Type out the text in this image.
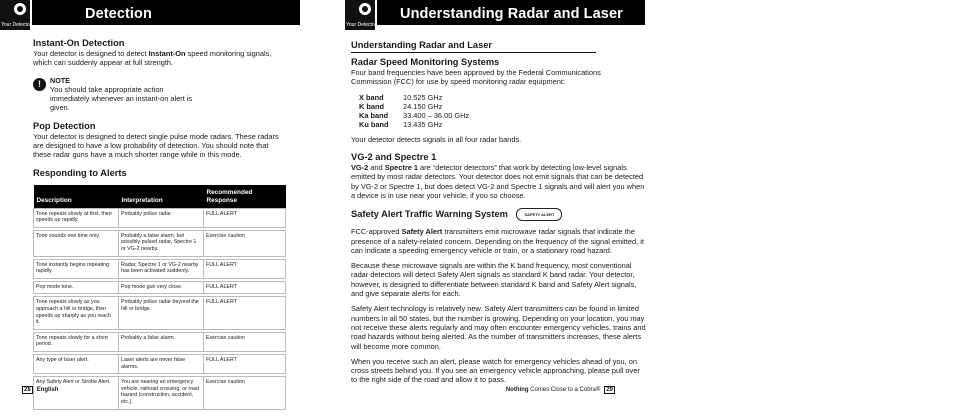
Your Detector
Detection
Instant-On Detection

Your detector is designed to detect Instant-On speed monitoring signals, which can suddenly appear at full strength.

!	NOTE

You should take appropriate action immediately whenever an instant-on alert is given.

Pop Detection

Your detector is designed to detect single pulse mode radars. These radars are designed to have a low probability of detection. You should note that these radar guns have a much shorter range while in this mode.

Responding to Alerts
Description	Interpretation	Recommended Response
Tone repeats slowly at first, then speeds up rapidly.	Probably police radar.	FULL ALERT

Tone sounds one time only.	Probably a false alarm, but possibly pulsed radar, Spectre 1 or VG-2 nearby.	Exercise caution

Tone instantly begins repeating rapidly.	Radar, Spectre 1 or VG-2 nearby has been activated suddenly.	FULL ALERT

Pop mode tone.	Pop mode gun very close.	FULL ALERT

Tone repeats slowly as you approach a hill or bridge, then speeds up sharply as you reach it.	Probably police radar beyond the hill or bridge.	FULL ALERT

Tone repeats slowly for a short period.	Probably a false alarm.	Exercise caution

Any type of laser alert.	Laser alerts are never false alarms.	FULL ALERT

Any Safety Alert or Strobe Alert.	You are nearing an emergency vehicle, railroad crossing, or road hazard (construction, accident, etc.).	Exercise caution
28	English
Your Detector
Understanding Radar and Laser
Understanding Radar and Laser
Radar Speed Monitoring Systems

Four band frequencies have been approved by the Federal Communications Commission (FCC) for use by speed monitoring radar equipment:

X band	10.525 GHz
K band	24.150 GHz
Ka band	33.400 – 36.00 GHz
Ku band	13.435 GHz

Your detector detects signals in all four radar bands.

VG-2 and Spectre 1

VG-2 and Spectre 1 are “detector detectors” that work by detecting low-level signals emitted by most radar detectors. Your detector does not emit signals that can be detected by VG-2 or Spectre 1, but does detect VG-2 and Spectre 1 signals and will alert you when a device is in use near your vehicle, if you so choose.

Safety Alert Traffic Warning System	SAFETY ALERT

FCC-approved Safety Alert transmitters emit microwave radar signals that indicate the presence of a safety-related concern. Depending on the frequency of the signal emitted, it can indicate a speeding emergency vehicle or train, or a stationary road hazard.

Because these microwave signals are within the K band frequency, most conventional radar detectors will detect Safety Alert signals as standard K band radar. Your detector, however, is designed to differentiate between standard K band and Safety Alert signals, and give separate alerts for each.

Safety Alert technology is relatively new. Safety Alert transmitters can be found in limited numbers in all 50 states, but the number is growing. Depending on your location, you may not receive these alerts regularly and may often encounter emergency vehicles, trains and road hazards without being alerted. As the number of transmitters increases, these alerts will become more common.

When you receive such an alert, please watch for emergency vehicles ahead of you, on cross streets behind you. If you see an emergency vehicle approaching, please pull over to the right side of the road and allow it to pass.

Nothing Comes Close to a Cobra®	29
